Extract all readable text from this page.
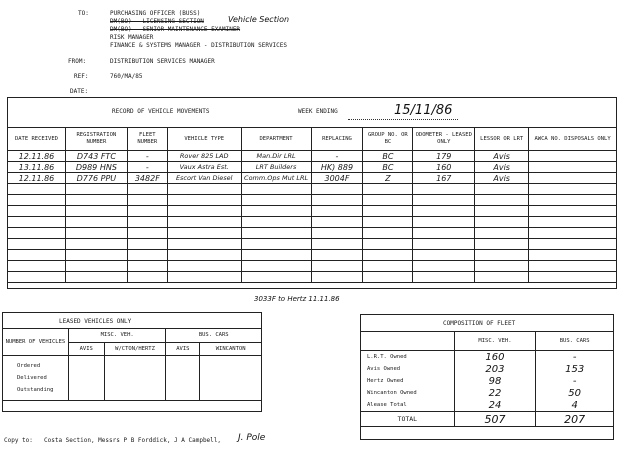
TO:	PURCHASING OFFICER (BUSS)
DM(BO) - LICENSING SECTION	Vehicle Section
DM(BO) - SENIOR MAINTENANCE EXAMINER
RISK MANAGER
FINANCE & SYSTEMS MANAGER - DISTRIBUTION SERVICES
FROM:	DISTRIBUTION SERVICES MANAGER
REF:	760/MA/85
DATE:
RECORD OF VEHICLE MOVEMENTS	WEEK ENDING	15/11/86
DATE RECEIVED	REGISTRATION NUMBER	FLEET NUMBER	VEHICLE TYPE	DEPARTMENT	REPLACING	GROUP NO. OR BC	ODOMETER - LEASED ONLY	LESSOR OR LRT	AWCA NO. DISPOSALS ONLY
12.11.86	D743 FTC	-	Rover 825 LAD	Man.Dir LRL	-	BC	179	Avis	
13.11.86	D989 HNS	-	Vaux Astra Est.	LRT Builders	HK) 889	BC	160	Avis	
12.11.86	D776 PPU	3482F	Escort Van Diesel	Comm.Ops Mut LRL	3004F	Z	167	Avis	

3033F to Hertz 11.11.86
LEASED VEHICLES ONLY
NUMBER OF VEHICLES	MISC. VEH.		BUS. CARS	
	AVIS	W/CTON/HERTZ	AVIS	WINCANTON

Ordered
Delivered
Outstanding				

COMPOSITION OF FLEET
	MISC. VEH.	BUS. CARS
L.R.T. Owned	160	-
Avis Owned	203	153
Hertz Owned	98	-
Wincanton Owned	22	50
Alease Total	24	4
TOTAL	507	207
Copy to: Costa Section, Messrs P B Forddick, J A Campbell, J. Pole
